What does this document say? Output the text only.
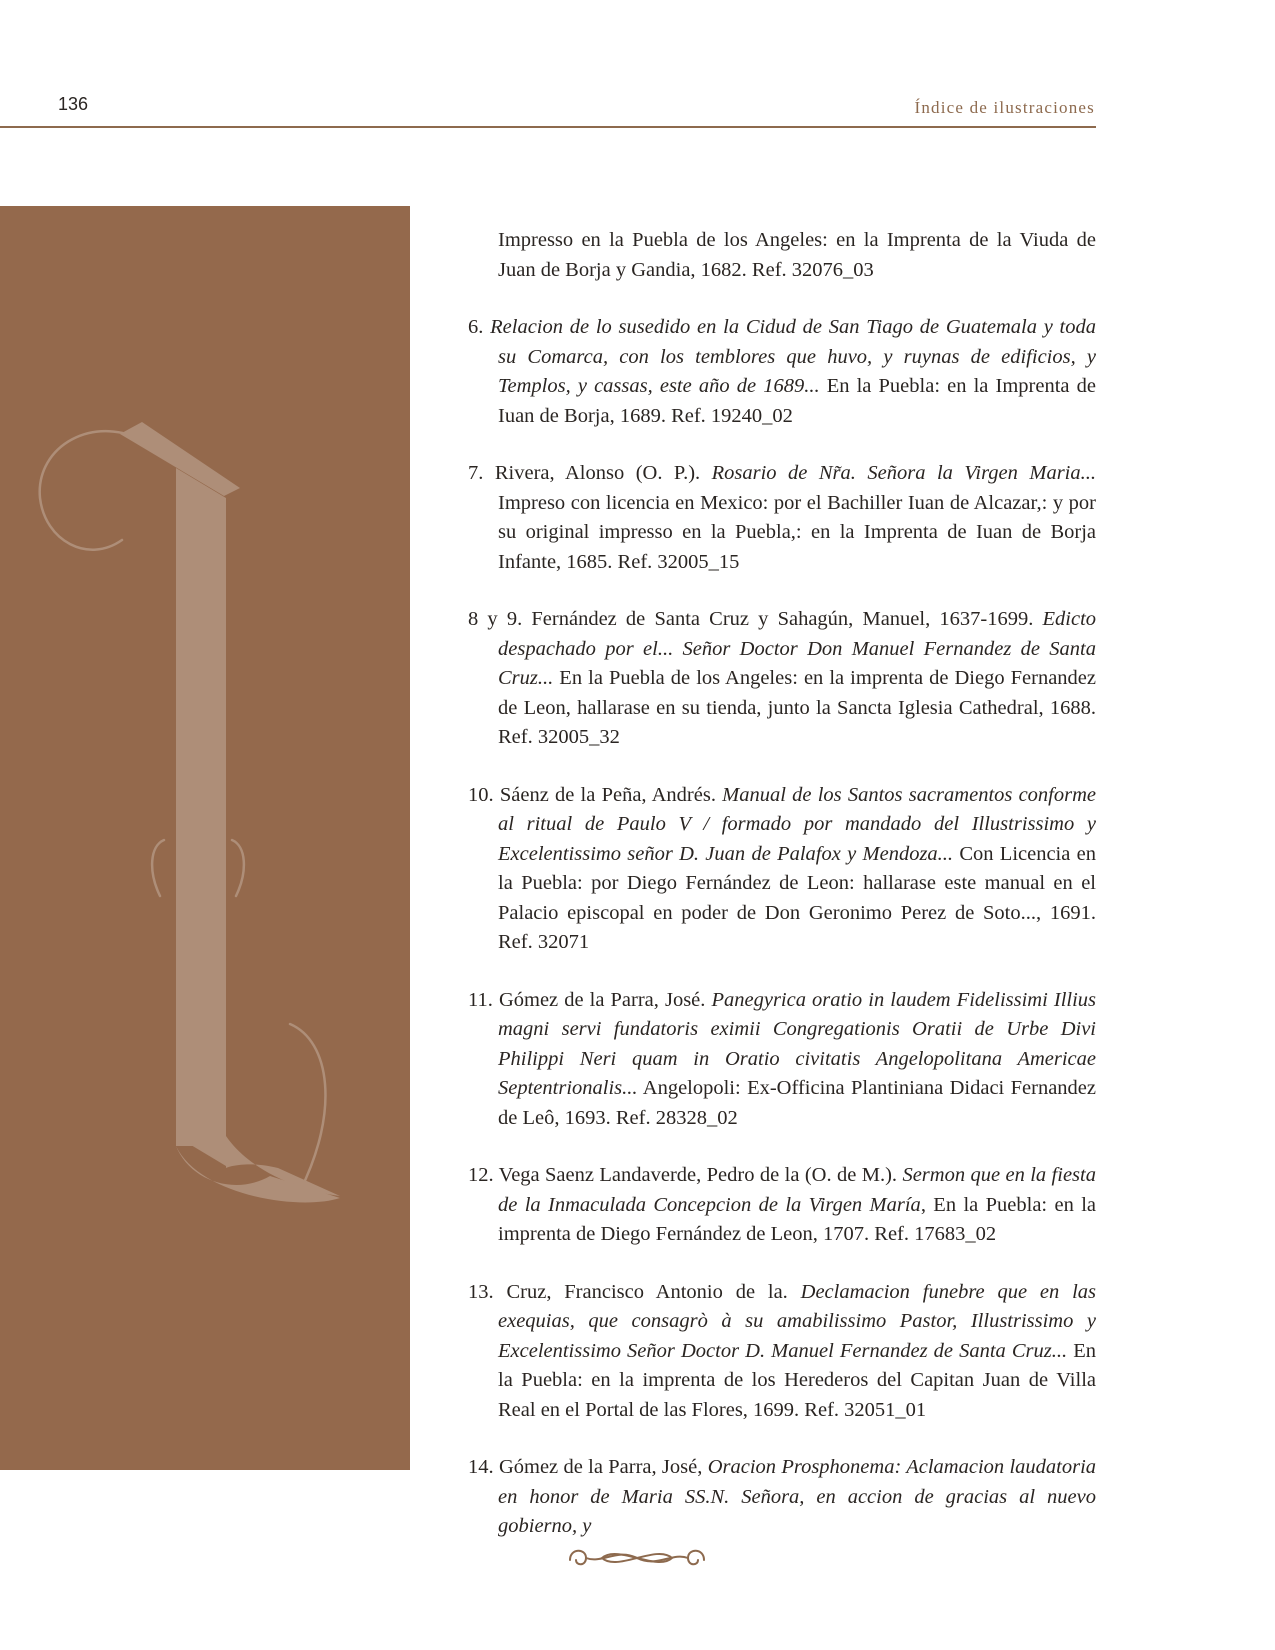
136	Índice de ilustraciones

Impresso en la Puebla de los Angeles: en la Imprenta de la Viuda de Juan de Borja y Gandia, 1682. Ref. 32076_03

6. Relacion de lo susedido en la Cidud de San Tiago de Guatemala y toda su Comarca, con los temblores que huvo, y ruynas de edificios, y Templos, y cassas, este año de 1689... En la Puebla: en la Imprenta de Iuan de Borja, 1689. Ref. 19240_02

7. Rivera, Alonso (O. P.). Rosario de Nr̃a. Señora la Virgen Maria... Impreso con licencia en Mexico: por el Bachiller Iuan de Alcazar,: y por su original impresso en la Puebla,: en la Imprenta de Iuan de Borja Infante, 1685. Ref. 32005_15

8 y 9. Fernández de Santa Cruz y Sahagún, Manuel, 1637-1699. Edicto despachado por el... Señor Doctor Don Manuel Fernandez de Santa Cruz... En la Puebla de los Angeles: en la imprenta de Diego Fernandez de Leon, hallarase en su tienda, junto la Sancta Iglesia Cathedral, 1688. Ref. 32005_32

10. Sáenz de la Peña, Andrés. Manual de los Santos sacramentos conforme al ritual de Paulo V / formado por mandado del Illustrissimo y Excelentissimo señor D. Juan de Palafox y Mendoza... Con Licencia en la Puebla: por Diego Fernández de Leon: hallarase este manual en el Palacio episcopal en poder de Don Geronimo Perez de Soto..., 1691. Ref. 32071

11. Gómez de la Parra, José. Panegyrica oratio in laudem Fidelissimi Illius magni servi fundatoris eximii Congregationis Oratii de Urbe Divi Philippi Neri quam in Oratio civitatis Angelopolitana Americae Septentrionalis... Angelopoli: Ex-Officina Plantiniana Didaci Fernandez de Leô, 1693. Ref. 28328_02

12. Vega Saenz Landaverde, Pedro de la (O. de M.). Sermon que en la fiesta de la Inmaculada Concepcion de la Virgen María, En la Puebla: en la imprenta de Diego Fernández de Leon, 1707. Ref. 17683_02

13. Cruz, Francisco Antonio de la. Declamacion funebre que en las exequias, que consagrò à su amabilissimo Pastor, Illustrissimo y Excelentissimo Señor Doctor D. Manuel Fernandez de Santa Cruz... En la Puebla: en la imprenta de los Herederos del Capitan Juan de Villa Real en el Portal de las Flores, 1699. Ref. 32051_01

14. Gómez de la Parra, José, Oracion Prosphonema: Aclamacion laudatoria en honor de Maria SS.N. Señora, en accion de gracias al nuevo gobierno, y
